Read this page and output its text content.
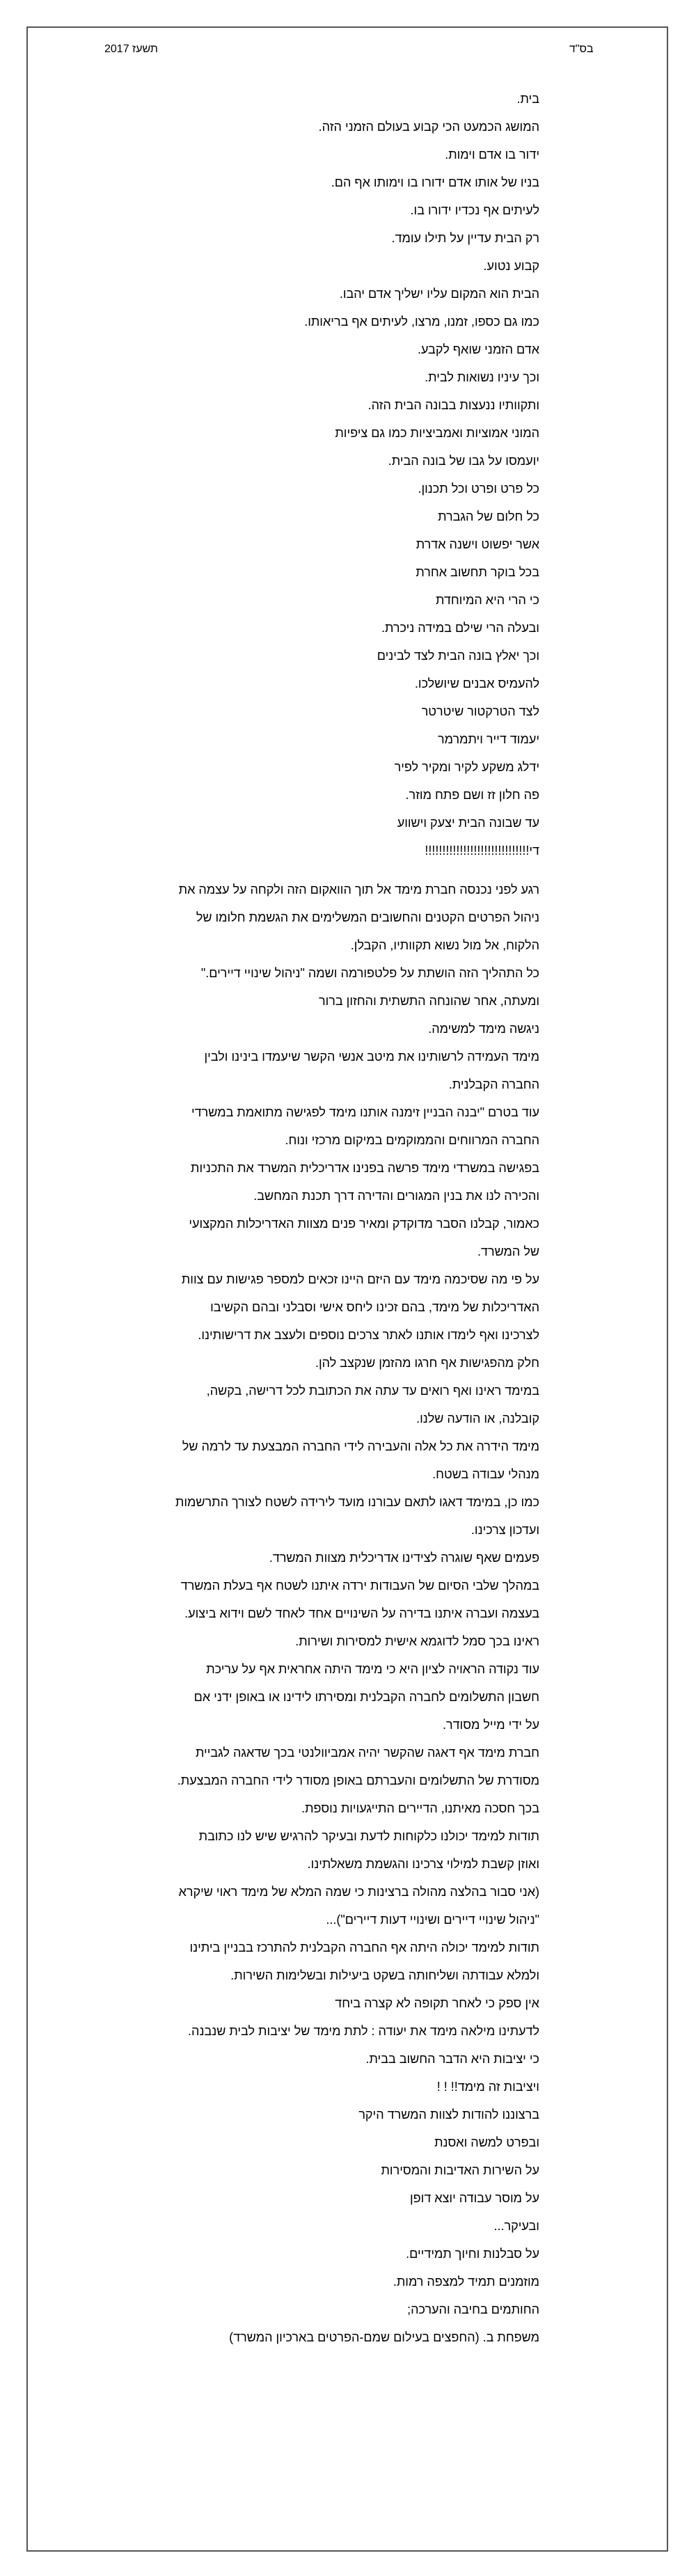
תשעז 2017	בס"ד

בית.

המושג הכמעט הכי קבוע בעולם הזמני הזה.

ידור בו אדם וימות.

בניו של אותו אדם ידורו בו וימותו אף הם.

לעיתים אף נכדיו ידורו בו.

רק הבית עדיין על תילו עומד.

קבוע נטוע.

הבית הוא המקום עליו ישליך אדם יהבו.

כמו גם כספו, זמנו, מרצו, לעיתים אף בריאותו.

אדם הזמני שואף לקבע.

וכך עיניו נשואות לבית.

ותקוותיו ננעצות בבונה הבית הזה.

המוני אמוציות ואמביציות כמו גם ציפיות

יועמסו על גבו של בונה הבית.

כל פרט ופרט וכל תכנון.

כל חלום של הגברת

אשר יפשוט וישנה אדרת

בכל בוקר תחשוב אחרת

כי הרי היא המיוחדת

ובעלה הרי שילם במידה ניכרת.

וכך יאלץ בונה הבית לצד לבינים

להעמיס אבנים שיושלכו.

לצד הטרקטור שיטרטר

יעמוד דייר ויתמרמר

ידלג משקע לקיר ומקיר לפיר

פה חלון זז ושם פתח מוזר.

עד שבונה הבית יצעק וישווע

די!!!!!!!!!!!!!!!!!!!!!!!!!!!!!!

רגע לפני נכנסה חברת מימד אל תוך הוואקום הזה ולקחה על עצמה את

ניהול הפרטים הקטנים והחשובים המשלימים את הגשמת חלומו של

הלקוח, אל מול נשוא תקוותיו, הקבלן.

כל התהליך הזה הושתת על פלטפורמה ושמה "ניהול שינויי דיירים."

ומעתה, אחר שהונחה התשתית והחזון ברור

ניגשה מימד למשימה.

מימד העמידה לרשותינו את מיטב אנשי הקשר שיעמדו בינינו ולבין

החברה הקבלנית.

עוד בטרם "יבנה הבניין זימנה אותנו מימד לפגישה מתואמת במשרדי

החברה המרווחים והממוקמים במיקום מרכזי ונוח.

בפגישה במשרדי מימד פרשה בפנינו אדריכלית המשרד את התכניות

והכירה לנו את בנין המגורים והדירה דרך תכנת המחשב.

כאמור, קבלנו הסבר מדוקדק ומאיר פנים מצוות האדריכלות המקצועי

של המשרד.

על פי מה שסיכמה מימד עם היזם היינו זכאים למספר פגישות עם צוות

האדריכלות של מימד, בהם זכינו ליחס אישי וסבלני ובהם הקשיבו

לצרכינו ואף לימדו אותנו לאתר צרכים נוספים ולעצב את דרישותינו.

חלק מהפגישות אף חרגו מהזמן שנקצב להן.

במימד ראינו ואף רואים עד עתה את הכתובת לכל דרישה, בקשה,

קובלנה, או הודעה שלנו.

מימד הידרה את כל אלה והעבירה לידי החברה המבצעת עד לרמה של

מנהלי עבודה בשטח.

כמו כן, במימד דאגו לתאם עבורנו מועד לירידה לשטח לצורך התרשמות

ועדכון צרכינו.

פעמים שאף שוגרה לצידינו אדריכלית מצוות המשרד.

במהלך שלבי הסיום של העבודות ירדה איתנו לשטח אף בעלת המשרד

בעצמה ועברה איתנו בדירה על השינויים אחד לאחד לשם וידוא ביצוע.

ראינו בכך סמל לדוגמא אישית למסירות ושירות.

עוד נקודה הראויה לציון היא כי מימד היתה אחראית אף על עריכת

חשבון התשלומים לחברה הקבלנית ומסירתו לידינו או באופן ידני אם

על ידי מייל מסודר.

חברת מימד אף דאגה שהקשר יהיה אמביוולנטי בכך שדאגה לגביית

מסודרת של התשלומים והעברתם באופן מסודר לידי החברה המבצעת.

בכך חסכה מאיתנו, הדיירים התייגעויות נוספת.

תודות למימד יכולנו כלקוחות לדעת ובעיקר להרגיש שיש לנו כתובת

ואוזן קשבת למילוי צרכינו והגשמת משאלתינו.

(אני סבור בהלצה מהולה ברצינות כי שמה המלא של מימד ראוי שיקרא

"ניהול שינויי דיירים ושינויי דעות דיירים")...

תודות למימד יכולה היתה אף החברה הקבלנית להתרכז בבניין ביתינו

ולמלא עבודתה ושליחותה בשקט ביעילות ובשלימות השירות.

אין ספק כי לאחר תקופה לא קצרה ביחד

לדעתינו מילאה מימד את יעודה : לתת מימד של יציבות לבית שנבנה.

כי יציבות היא הדבר החשוב בבית.

ויציבות זה מימד!! ! !

ברצוננו להודות לצוות המשרד היקר

ובפרט למשה ואסנת

על השירות האדיבות והמסירות

על מוסר עבודה יוצא דופן

ובעיקר...

על סבלנות וחיוך תמידיים.

מוזמנים תמיד למצפה רמות.

החותמים בחיבה והערכה;

משפחת ב. (החפצים בעילום שמם-הפרטים בארכיון המשרד)
